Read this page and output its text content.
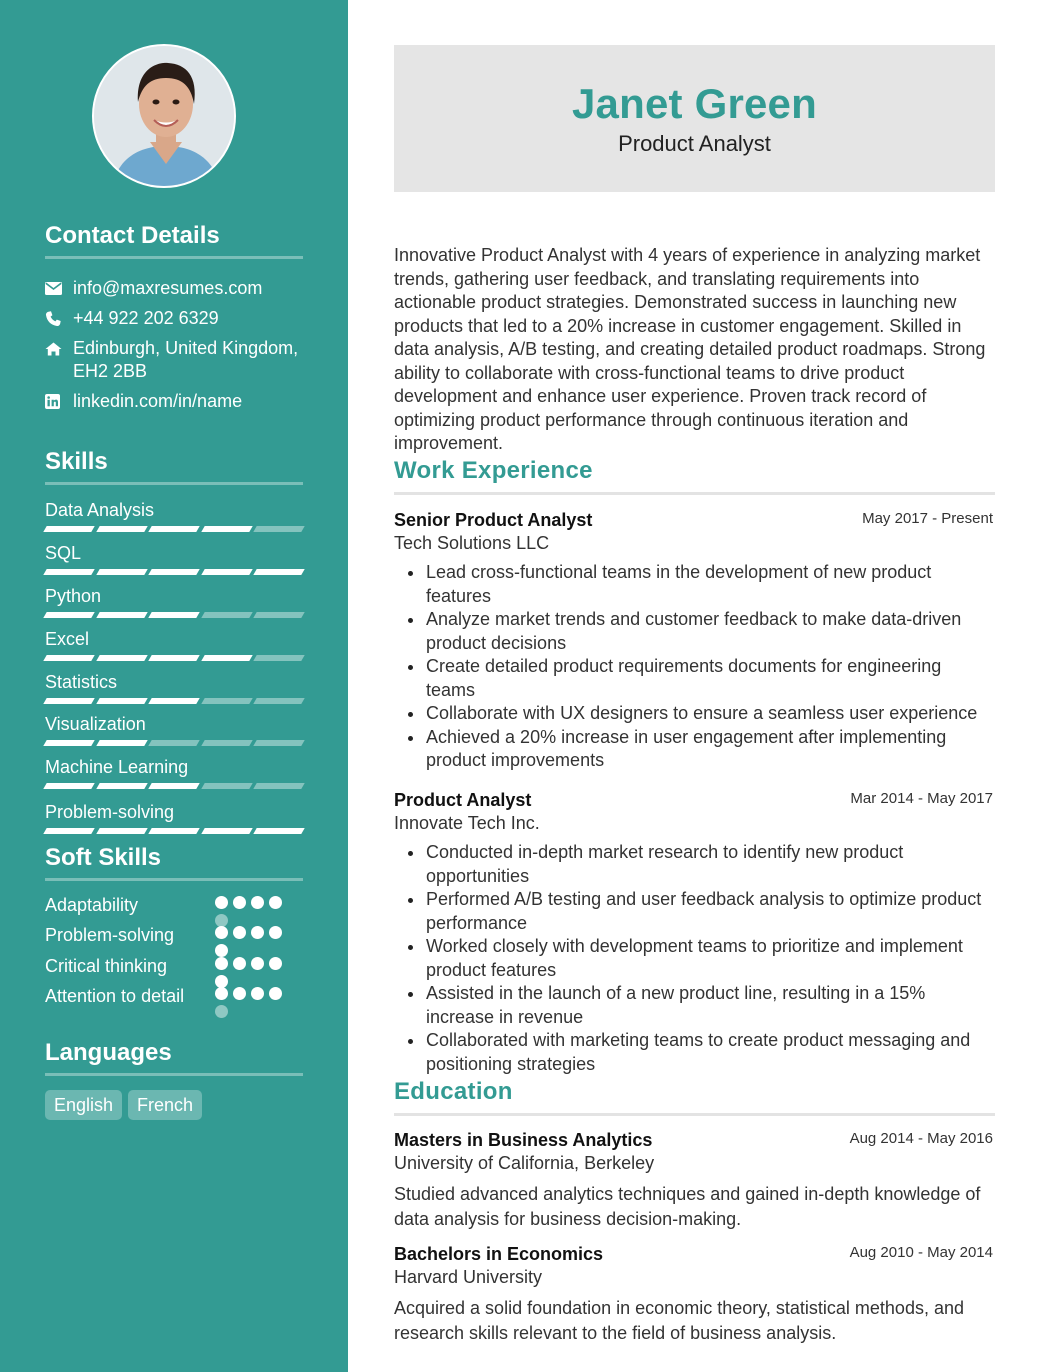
Contact Details
info@maxresumes.com
+44 922 202 6329
Edinburgh, United Kingdom, EH2 2BB
linkedin.com/in/name
Skills
Data Analysis
SQL
Python
Excel
Statistics
Visualization
Machine Learning
Problem-solving
Soft Skills
Adaptability
Problem-solving
Critical thinking
Attention to detail
Languages
English	French
Janet Green
Product Analyst

Innovative Product Analyst with 4 years of experience in analyzing market trends, gathering user feedback, and translating requirements into actionable product strategies. Demonstrated success in launching new products that led to a 20% increase in customer engagement. Skilled in data analysis, A/B testing, and creating detailed product roadmaps. Strong ability to collaborate with cross-functional teams to drive product development and enhance user experience. Proven track record of optimizing product performance through continuous iteration and improvement.

Work Experience
Senior Product Analyst	May 2017 - Present
Tech Solutions LLC
Lead cross-functional teams in the development of new product features
Analyze market trends and customer feedback to make data-driven product decisions
Create detailed product requirements documents for engineering teams
Collaborate with UX designers to ensure a seamless user experience
Achieved a 20% increase in user engagement after implementing product improvements
Product Analyst	Mar 2014 - May 2017
Innovate Tech Inc.
Conducted in-depth market research to identify new product opportunities
Performed A/B testing and user feedback analysis to optimize product performance
Worked closely with development teams to prioritize and implement product features
Assisted in the launch of a new product line, resulting in a 15% increase in revenue
Collaborated with marketing teams to create product messaging and positioning strategies
Education
Masters in Business Analytics	Aug 2014 - May 2016
University of California, Berkeley

Studied advanced analytics techniques and gained in-depth knowledge of data analysis for business decision-making.

Bachelors in Economics	Aug 2010 - May 2014
Harvard University

Acquired a solid foundation in economic theory, statistical methods, and research skills relevant to the field of business analysis.
